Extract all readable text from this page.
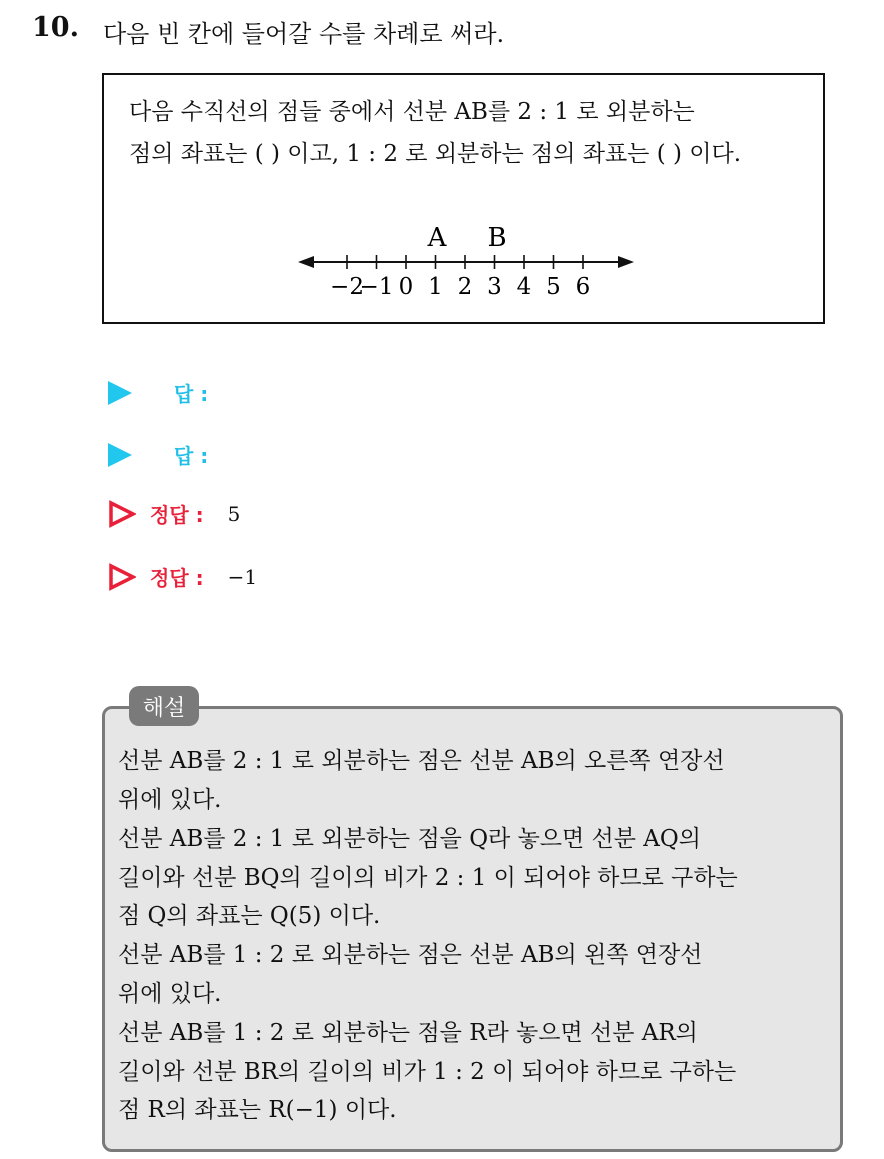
10. 다음 빈 칸에 들어갈 수를 차례로 써라.
다음 수직선의 점들 중에서 선분 AB를 2 : 1 로 외분하는
점의 좌표는 ( ) 이고, 1 : 2 로 외분하는 점의 좌표는 ( ) 이다.
−2
−1 0 1 2 3 4 5 6
A B
답 :
답 :
정답 : 5
정답 : −1
해설
선분 AB를 2 : 1 로 외분하는 점은 선분 AB의 오른쪽 연장선
위에 있다.
선분 AB를 2 : 1 로 외분하는 점을 Q라 놓으면 선분 AQ의
길이와 선분 BQ의 길이의 비가 2 : 1 이 되어야 하므로 구하는
점 Q의 좌표는 Q(5) 이다.
선분 AB를 1 : 2 로 외분하는 점은 선분 AB의 왼쪽 연장선
위에 있다.
선분 AB를 1 : 2 로 외분하는 점을 R라 놓으면 선분 AR의
길이와 선분 BR의 길이의 비가 1 : 2 이 되어야 하므로 구하는
점 R의 좌표는 R(−1) 이다.
